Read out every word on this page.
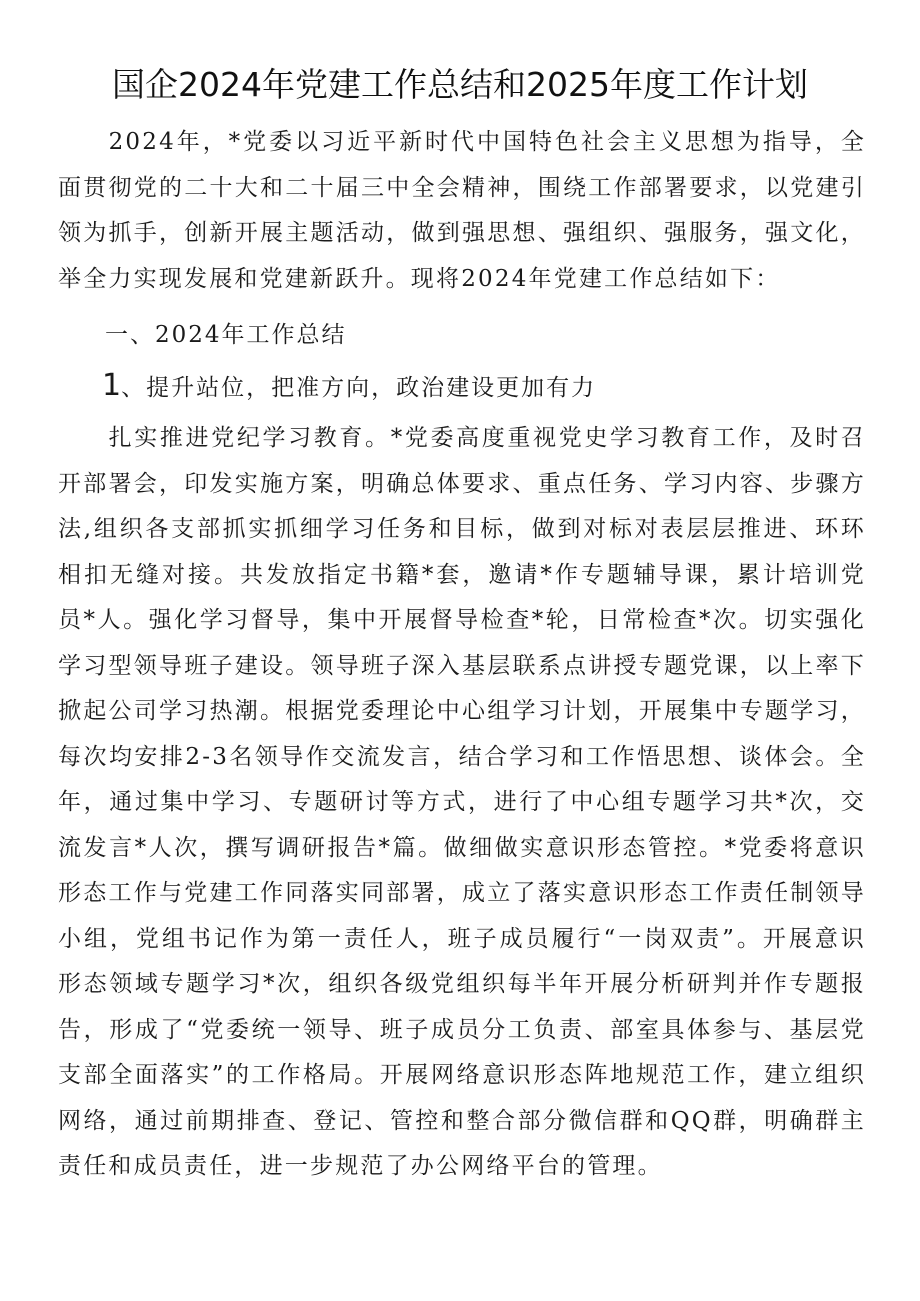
国企2024年党建工作总结和2025年度工作计划

2024年，*党委以习近平新时代中国特色社会主义思想为指导，全面贯彻党的二十大和二十届三中全会精神，围绕工作部署要求，以党建引领为抓手，创新开展主题活动，做到强思想、强组织、强服务，强文化，举全力实现发展和党建新跃升。现将2024年党建工作总结如下：

一、2024年工作总结
1、提升站位，把准方向，政治建设更加有力

扎实推进党纪学习教育。*党委高度重视党史学习教育工作，及时召开部署会，印发实施方案，明确总体要求、重点任务、学习内容、步骤方法,组织各支部抓实抓细学习任务和目标，做到对标对表层层推进、环环相扣无缝对接。共发放指定书籍*套，邀请*作专题辅导课，累计培训党员*人。强化学习督导，集中开展督导检查*轮，日常检查*次。切实强化学习型领导班子建设。领导班子深入基层联系点讲授专题党课，以上率下掀起公司学习热潮。根据党委理论中心组学习计划，开展集中专题学习，每次均安排2-3名领导作交流发言，结合学习和工作悟思想、谈体会。全年，通过集中学习、专题研讨等方式，进行了中心组专题学习共*次，交流发言*人次，撰写调研报告*篇。做细做实意识形态管控。*党委将意识形态工作与党建工作同落实同部署，成立了落实意识形态工作责任制领导小组，党组书记作为第一责任人，班子成员履行“一岗双责”。开展意识形态领域专题学习*次，组织各级党组织每半年开展分析研判并作专题报告，形成了“党委统一领导、班子成员分工负责、部室具体参与、基层党支部全面落实”的工作格局。开展网络意识形态阵地规范工作，建立组织网络，通过前期排查、登记、管控和整合部分微信群和QQ群，明确群主责任和成员责任，进一步规范了办公网络平台的管理。
